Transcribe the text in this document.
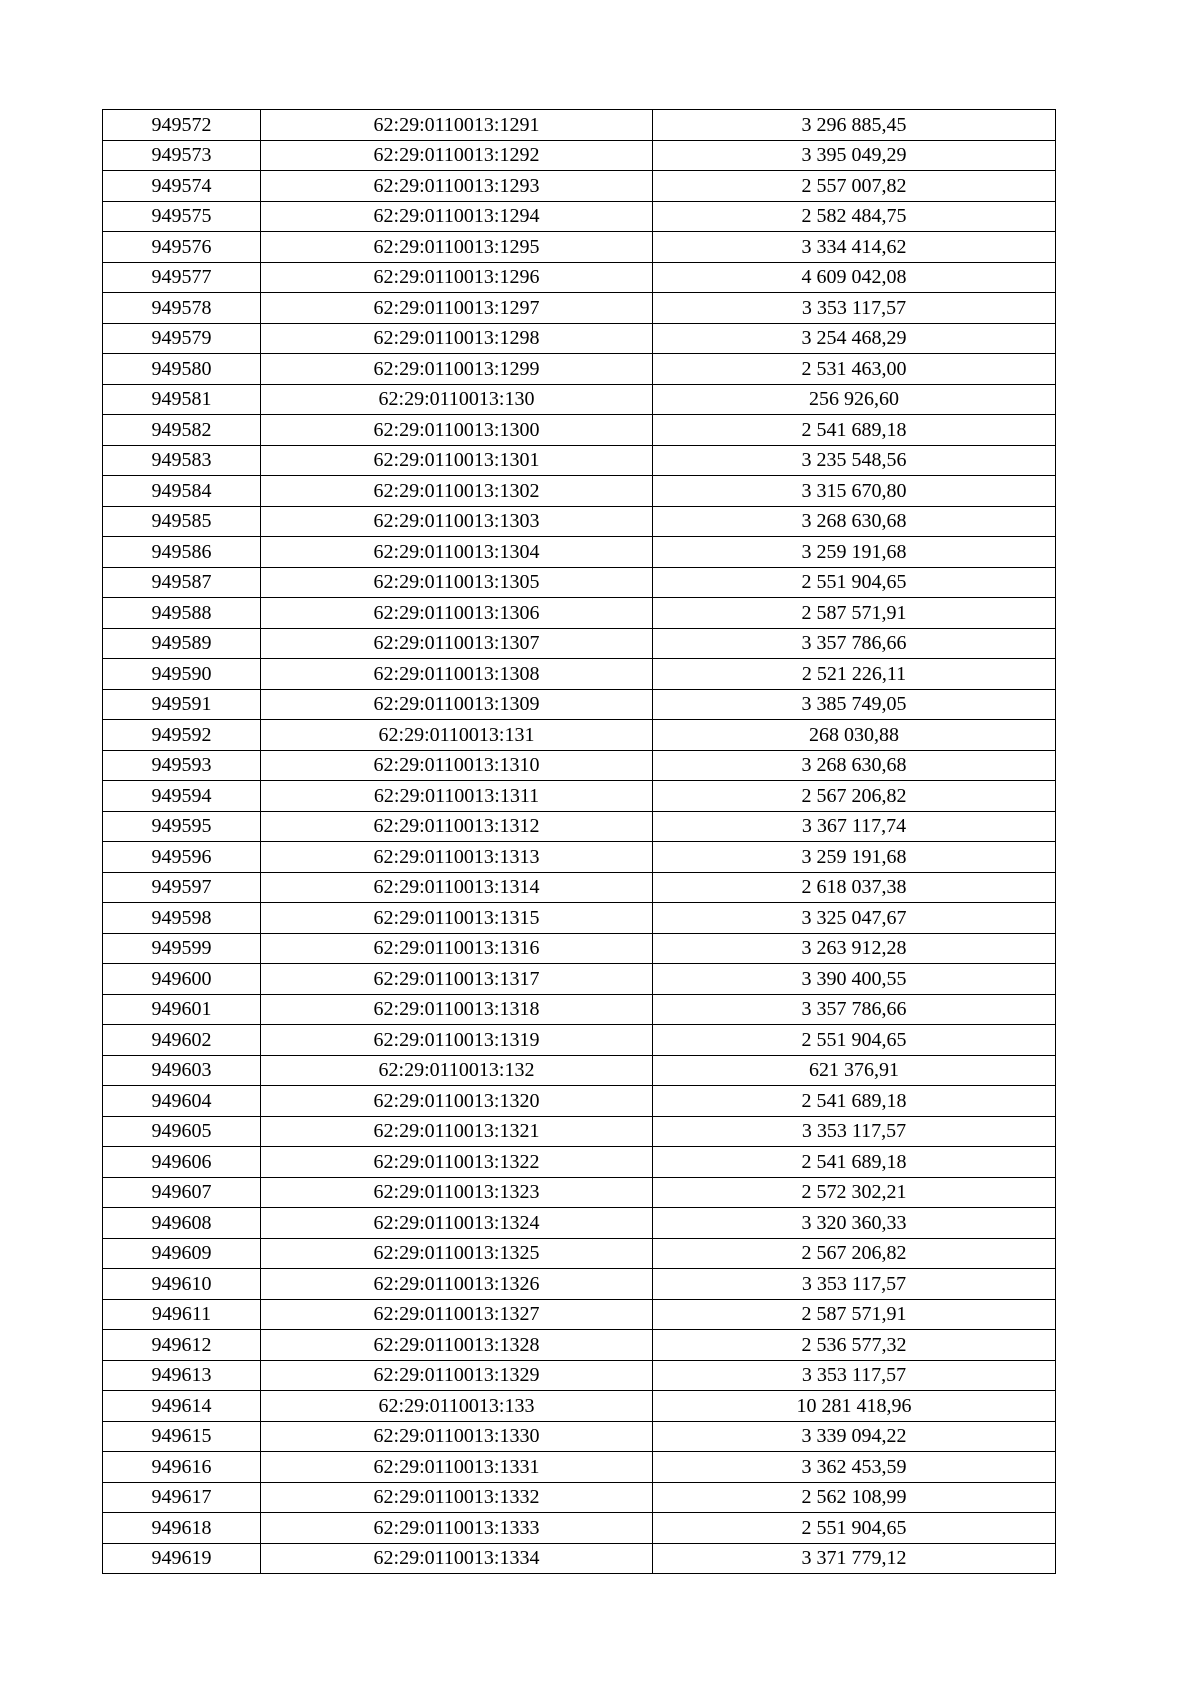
949572	62:29:0110013:1291	3 296 885,45
949573	62:29:0110013:1292	3 395 049,29
949574	62:29:0110013:1293	2 557 007,82
949575	62:29:0110013:1294	2 582 484,75
949576	62:29:0110013:1295	3 334 414,62
949577	62:29:0110013:1296	4 609 042,08
949578	62:29:0110013:1297	3 353 117,57
949579	62:29:0110013:1298	3 254 468,29
949580	62:29:0110013:1299	2 531 463,00
949581	62:29:0110013:130	256 926,60
949582	62:29:0110013:1300	2 541 689,18
949583	62:29:0110013:1301	3 235 548,56
949584	62:29:0110013:1302	3 315 670,80
949585	62:29:0110013:1303	3 268 630,68
949586	62:29:0110013:1304	3 259 191,68
949587	62:29:0110013:1305	2 551 904,65
949588	62:29:0110013:1306	2 587 571,91
949589	62:29:0110013:1307	3 357 786,66
949590	62:29:0110013:1308	2 521 226,11
949591	62:29:0110013:1309	3 385 749,05
949592	62:29:0110013:131	268 030,88
949593	62:29:0110013:1310	3 268 630,68
949594	62:29:0110013:1311	2 567 206,82
949595	62:29:0110013:1312	3 367 117,74
949596	62:29:0110013:1313	3 259 191,68
949597	62:29:0110013:1314	2 618 037,38
949598	62:29:0110013:1315	3 325 047,67
949599	62:29:0110013:1316	3 263 912,28
949600	62:29:0110013:1317	3 390 400,55
949601	62:29:0110013:1318	3 357 786,66
949602	62:29:0110013:1319	2 551 904,65
949603	62:29:0110013:132	621 376,91
949604	62:29:0110013:1320	2 541 689,18
949605	62:29:0110013:1321	3 353 117,57
949606	62:29:0110013:1322	2 541 689,18
949607	62:29:0110013:1323	2 572 302,21
949608	62:29:0110013:1324	3 320 360,33
949609	62:29:0110013:1325	2 567 206,82
949610	62:29:0110013:1326	3 353 117,57
949611	62:29:0110013:1327	2 587 571,91
949612	62:29:0110013:1328	2 536 577,32
949613	62:29:0110013:1329	3 353 117,57
949614	62:29:0110013:133	10 281 418,96
949615	62:29:0110013:1330	3 339 094,22
949616	62:29:0110013:1331	3 362 453,59
949617	62:29:0110013:1332	2 562 108,99
949618	62:29:0110013:1333	2 551 904,65
949619	62:29:0110013:1334	3 371 779,12
